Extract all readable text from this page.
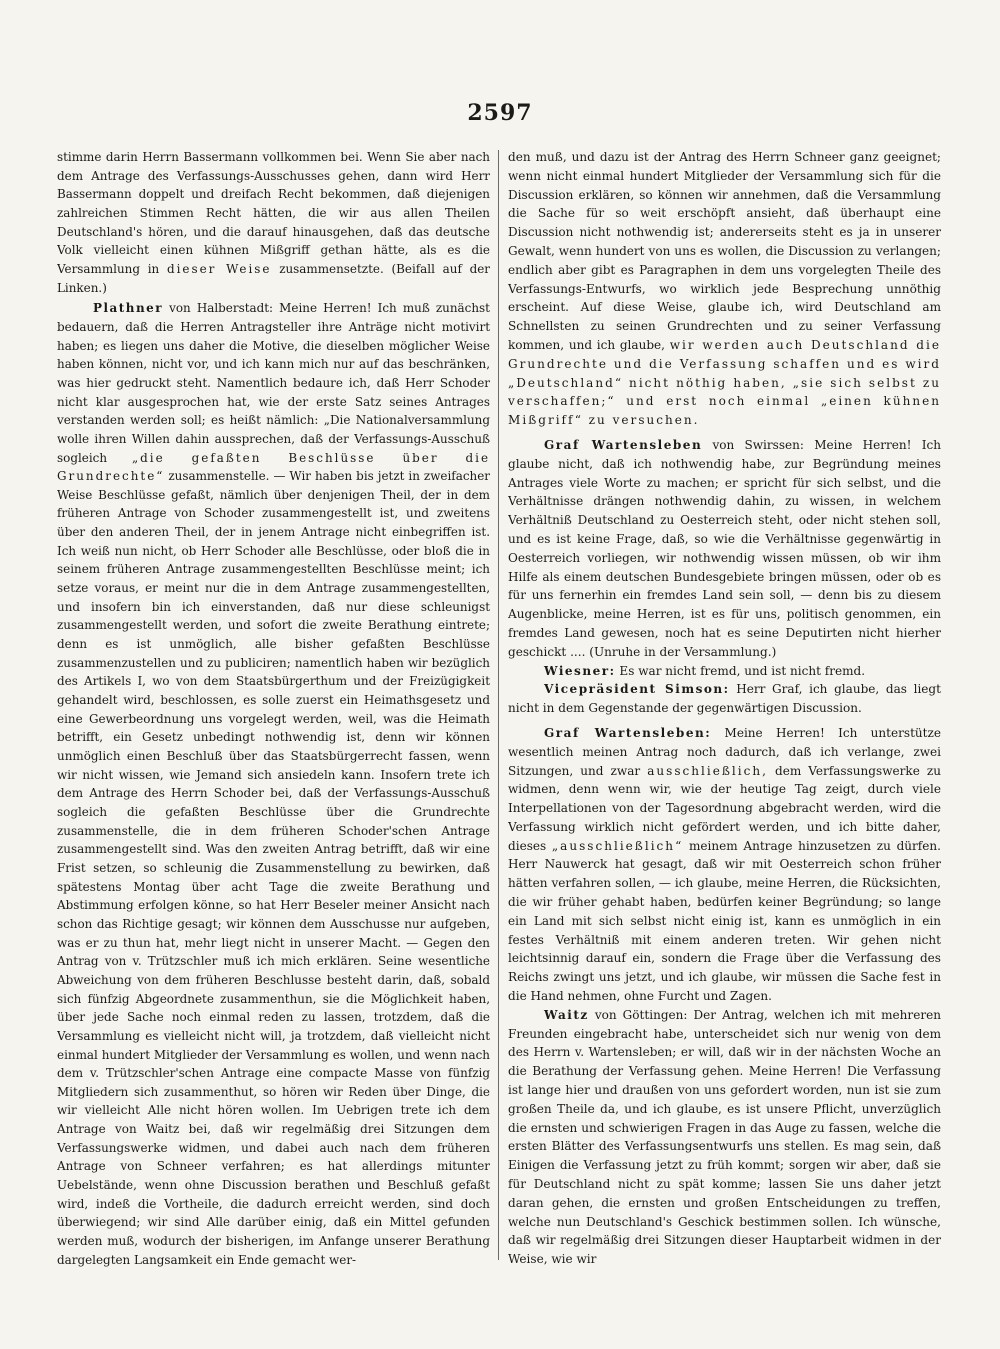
2597

stimme darin Herrn Bassermann vollkommen bei. Wenn Sie aber nach dem Antrage des Verfassungs-Ausschusses gehen, dann wird Herr Bassermann doppelt und dreifach Recht bekommen, daß diejenigen zahlreichen Stimmen Recht hätten, die wir aus allen Theilen Deutschland's hören, und die darauf hinausgehen, daß das deutsche Volk vielleicht einen kühnen Mißgriff gethan hätte, als es die Versammlung in dieser Weise zusammensetzte. (Beifall auf der Linken.)

Plathner von Halberstadt: Meine Herren! Ich muß zunächst bedauern, daß die Herren Antragsteller ihre Anträge nicht motivirt haben; es liegen uns daher die Motive, die dieselben möglicher Weise haben können, nicht vor, und ich kann mich nur auf das beschränken, was hier gedruckt steht. Namentlich bedaure ich, daß Herr Schoder nicht klar ausgesprochen hat, wie der erste Satz seines Antrages verstanden werden soll; es heißt nämlich: „Die Nationalversammlung wolle ihren Willen dahin aussprechen, daß der Verfassungs-Ausschuß sogleich „die gefaßten Beschlüsse über die Grundrechte“ zusammenstelle. — Wir haben bis jetzt in zweifacher Weise Beschlüsse gefaßt, nämlich über denjenigen Theil, der in dem früheren Antrage von Schoder zusammengestellt ist, und zweitens über den anderen Theil, der in jenem Antrage nicht einbegriffen ist. Ich weiß nun nicht, ob Herr Schoder alle Beschlüsse, oder bloß die in seinem früheren Antrage zusammengestellten Beschlüsse meint; ich setze voraus, er meint nur die in dem Antrage zusammengestellten, und insofern bin ich einverstanden, daß nur diese schleunigst zusammengestellt werden, und sofort die zweite Berathung eintrete; denn es ist unmöglich, alle bisher gefaßten Beschlüsse zusammenzustellen und zu publiciren; namentlich haben wir bezüglich des Artikels I, wo von dem Staatsbürgerthum und der Freizügigkeit gehandelt wird, beschlossen, es solle zuerst ein Heimathsgesetz und eine Gewerbeordnung uns vorgelegt werden, weil, was die Heimath betrifft, ein Gesetz unbedingt nothwendig ist, denn wir können unmöglich einen Beschluß über das Staatsbürgerrecht fassen, wenn wir nicht wissen, wie Jemand sich ansiedeln kann. Insofern trete ich dem Antrage des Herrn Schoder bei, daß der Verfassungs-Ausschuß sogleich die gefaßten Beschlüsse über die Grundrechte zusammenstelle, die in dem früheren Schoder'schen Antrage zusammengestellt sind. Was den zweiten Antrag betrifft, daß wir eine Frist setzen, so schleunig die Zusammenstellung zu bewirken, daß spätestens Montag über acht Tage die zweite Berathung und Abstimmung erfolgen könne, so hat Herr Beseler meiner Ansicht nach schon das Richtige gesagt; wir können dem Ausschusse nur aufgeben, was er zu thun hat, mehr liegt nicht in unserer Macht. — Gegen den Antrag von v. Trützschler muß ich mich erklären. Seine wesentliche Abweichung von dem früheren Beschlusse besteht darin, daß, sobald sich fünfzig Abgeordnete zusammenthun, sie die Möglichkeit haben, über jede Sache noch einmal reden zu lassen, trotzdem, daß die Versammlung es vielleicht nicht will, ja trotzdem, daß vielleicht nicht einmal hundert Mitglieder der Versammlung es wollen, und wenn nach dem v. Trützschler'schen Antrage eine compacte Masse von fünfzig Mitgliedern sich zusammenthut, so hören wir Reden über Dinge, die wir vielleicht Alle nicht hören wollen. Im Uebrigen trete ich dem Antrage von Waitz bei, daß wir regelmäßig drei Sitzungen dem Verfassungswerke widmen, und dabei auch nach dem früheren Antrage von Schneer verfahren; es hat allerdings mitunter Uebelstände, wenn ohne Discussion berathen und Beschluß gefaßt wird, indeß die Vortheile, die dadurch erreicht werden, sind doch überwiegend; wir sind Alle darüber einig, daß ein Mittel gefunden werden muß, wodurch der bisherigen, im Anfange unserer Berathung dargelegten Langsamkeit ein Ende gemacht wer-

den muß, und dazu ist der Antrag des Herrn Schneer ganz geeignet; wenn nicht einmal hundert Mitglieder der Versammlung sich für die Discussion erklären, so können wir annehmen, daß die Versammlung die Sache für so weit erschöpft ansieht, daß überhaupt eine Discussion nicht nothwendig ist; andererseits steht es ja in unserer Gewalt, wenn hundert von uns es wollen, die Discussion zu verlangen; endlich aber gibt es Paragraphen in dem uns vorgelegten Theile des Verfassungs-Entwurfs, wo wirklich jede Besprechung unnöthig erscheint. Auf diese Weise, glaube ich, wird Deutschland am Schnellsten zu seinen Grundrechten und zu seiner Verfassung kommen, und ich glaube, wir werden auch Deutschland die Grundrechte und die Verfassung schaffen und es wird „Deutschland“ nicht nöthig haben, „sie sich selbst zu verschaffen;“ und erst noch einmal „einen kühnen Mißgriff“ zu versuchen.

Graf Wartensleben von Swirssen: Meine Herren! Ich glaube nicht, daß ich nothwendig habe, zur Begründung meines Antrages viele Worte zu machen; er spricht für sich selbst, und die Verhältnisse drängen nothwendig dahin, zu wissen, in welchem Verhältniß Deutschland zu Oesterreich steht, oder nicht stehen soll, und es ist keine Frage, daß, so wie die Verhältnisse gegenwärtig in Oesterreich vorliegen, wir nothwendig wissen müssen, ob wir ihm Hilfe als einem deutschen Bundesgebiete bringen müssen, oder ob es für uns fernerhin ein fremdes Land sein soll, — denn bis zu diesem Augenblicke, meine Herren, ist es für uns, politisch genommen, ein fremdes Land gewesen, noch hat es seine Deputirten nicht hierher geschickt .... (Unruhe in der Versammlung.)

Wiesner: Es war nicht fremd, und ist nicht fremd.

Vicepräsident Simson: Herr Graf, ich glaube, das liegt nicht in dem Gegenstande der gegenwärtigen Discussion.

Graf Wartensleben: Meine Herren! Ich unterstütze wesentlich meinen Antrag noch dadurch, daß ich verlange, zwei Sitzungen, und zwar ausschließlich, dem Verfassungswerke zu widmen, denn wenn wir, wie der heutige Tag zeigt, durch viele Interpellationen von der Tagesordnung abgebracht werden, wird die Verfassung wirklich nicht gefördert werden, und ich bitte daher, dieses „ausschließlich“ meinem Antrage hinzusetzen zu dürfen. Herr Nauwerck hat gesagt, daß wir mit Oesterreich schon früher hätten verfahren sollen, — ich glaube, meine Herren, die Rücksichten, die wir früher gehabt haben, bedürfen keiner Begründung; so lange ein Land mit sich selbst nicht einig ist, kann es unmöglich in ein festes Verhältniß mit einem anderen treten. Wir gehen nicht leichtsinnig darauf ein, sondern die Frage über die Verfassung des Reichs zwingt uns jetzt, und ich glaube, wir müssen die Sache fest in die Hand nehmen, ohne Furcht und Zagen.

Waitz von Göttingen: Der Antrag, welchen ich mit mehreren Freunden eingebracht habe, unterscheidet sich nur wenig von dem des Herrn v. Wartensleben; er will, daß wir in der nächsten Woche an die Berathung der Verfassung gehen. Meine Herren! Die Verfassung ist lange hier und draußen von uns gefordert worden, nun ist sie zum großen Theile da, und ich glaube, es ist unsere Pflicht, unverzüglich die ernsten und schwierigen Fragen in das Auge zu fassen, welche die ersten Blätter des Verfassungsentwurfs uns stellen. Es mag sein, daß Einigen die Verfassung jetzt zu früh kommt; sorgen wir aber, daß sie für Deutschland nicht zu spät komme; lassen Sie uns daher jetzt daran gehen, die ernsten und großen Entscheidungen zu treffen, welche nun Deutschland's Geschick bestimmen sollen. Ich wünsche, daß wir regelmäßig drei Sitzungen dieser Hauptarbeit widmen in der Weise, wie wir
